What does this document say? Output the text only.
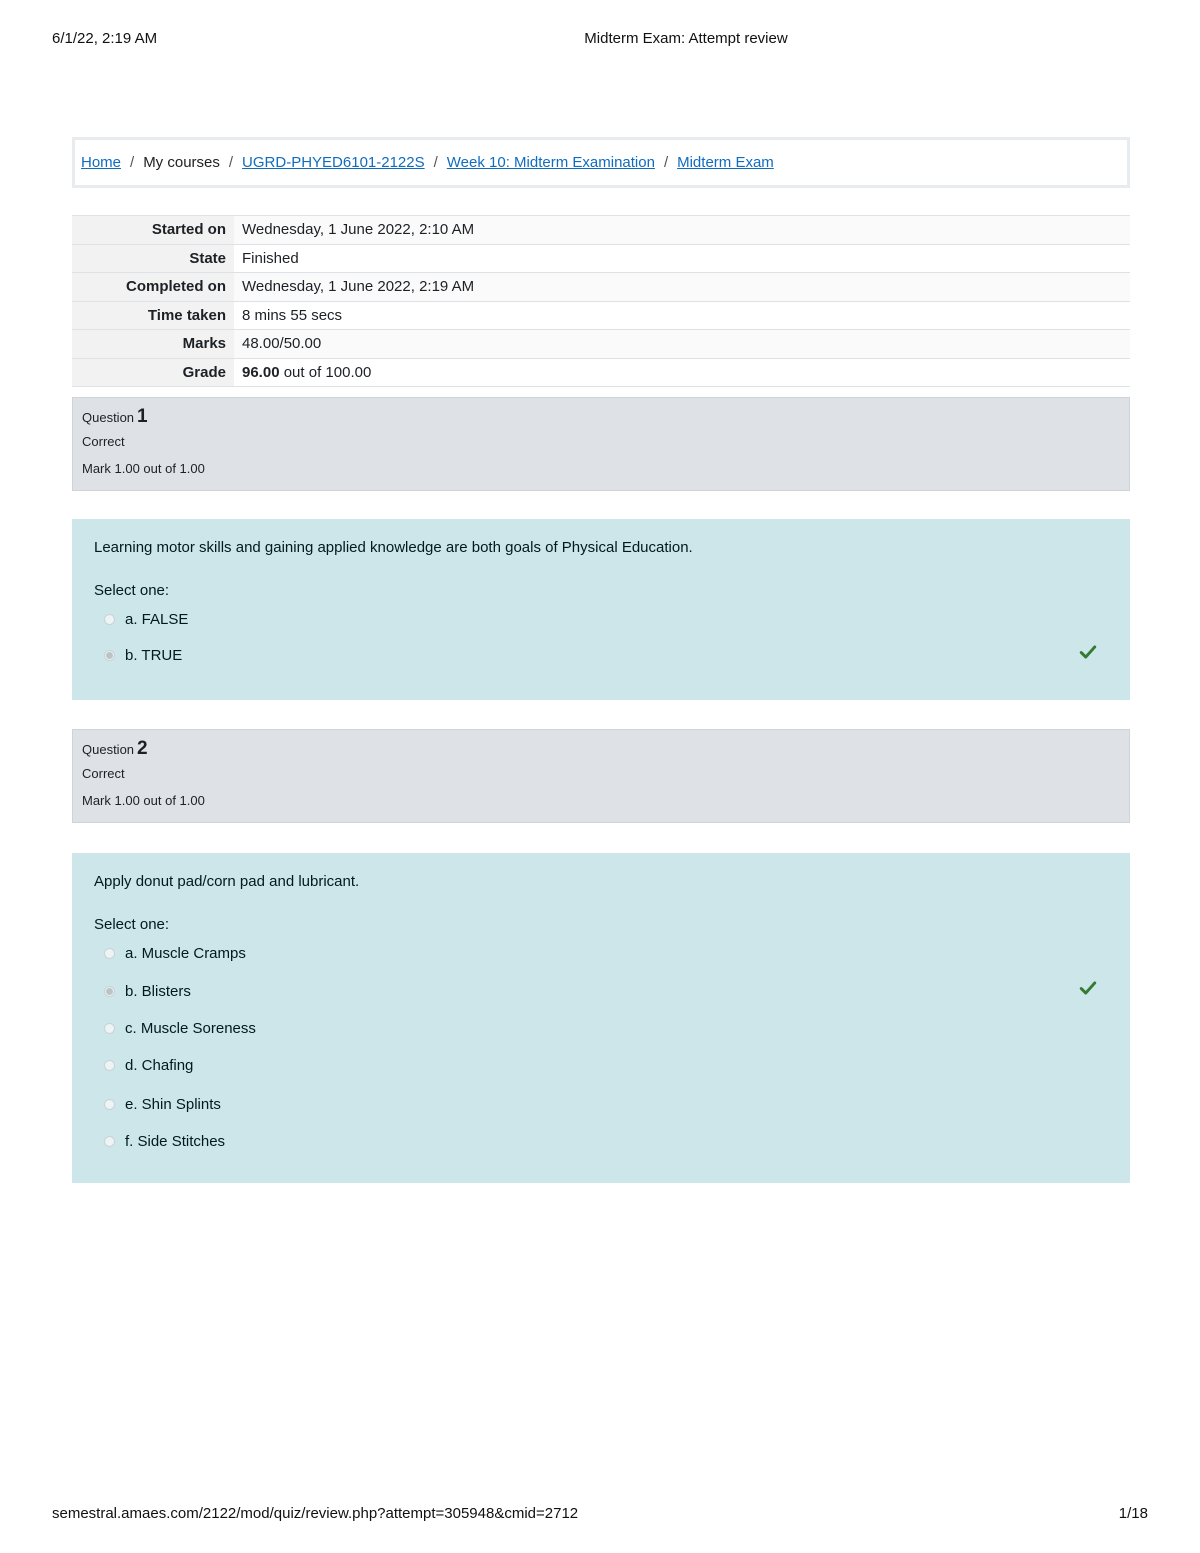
6/1/22, 2:19 AM	Midterm Exam: Attempt review
Home / My courses / UGRD-PHYED6101-2122S / Week 10: Midterm Examination / Midterm Exam
Started on	Wednesday, 1 June 2022, 2:10 AM
State	Finished
Completed on	Wednesday, 1 June 2022, 2:19 AM
Time taken	8 mins 55 secs
Marks	48.00/50.00
Grade	96.00 out of 100.00
Question 1
Correct
Mark 1.00 out of 1.00
Learning motor skills and gaining applied knowledge are both goals of Physical Education.
Select one:
a. FALSE
b. TRUE
Question 2
Correct
Mark 1.00 out of 1.00
Apply donut pad/corn pad and lubricant.
Select one:
a. Muscle Cramps
b. Blisters
c. Muscle Soreness
d. Chafing
e. Shin Splints
f. Side Stitches
semestral.amaes.com/2122/mod/quiz/review.php?attempt=305948&cmid=2712	1/18
